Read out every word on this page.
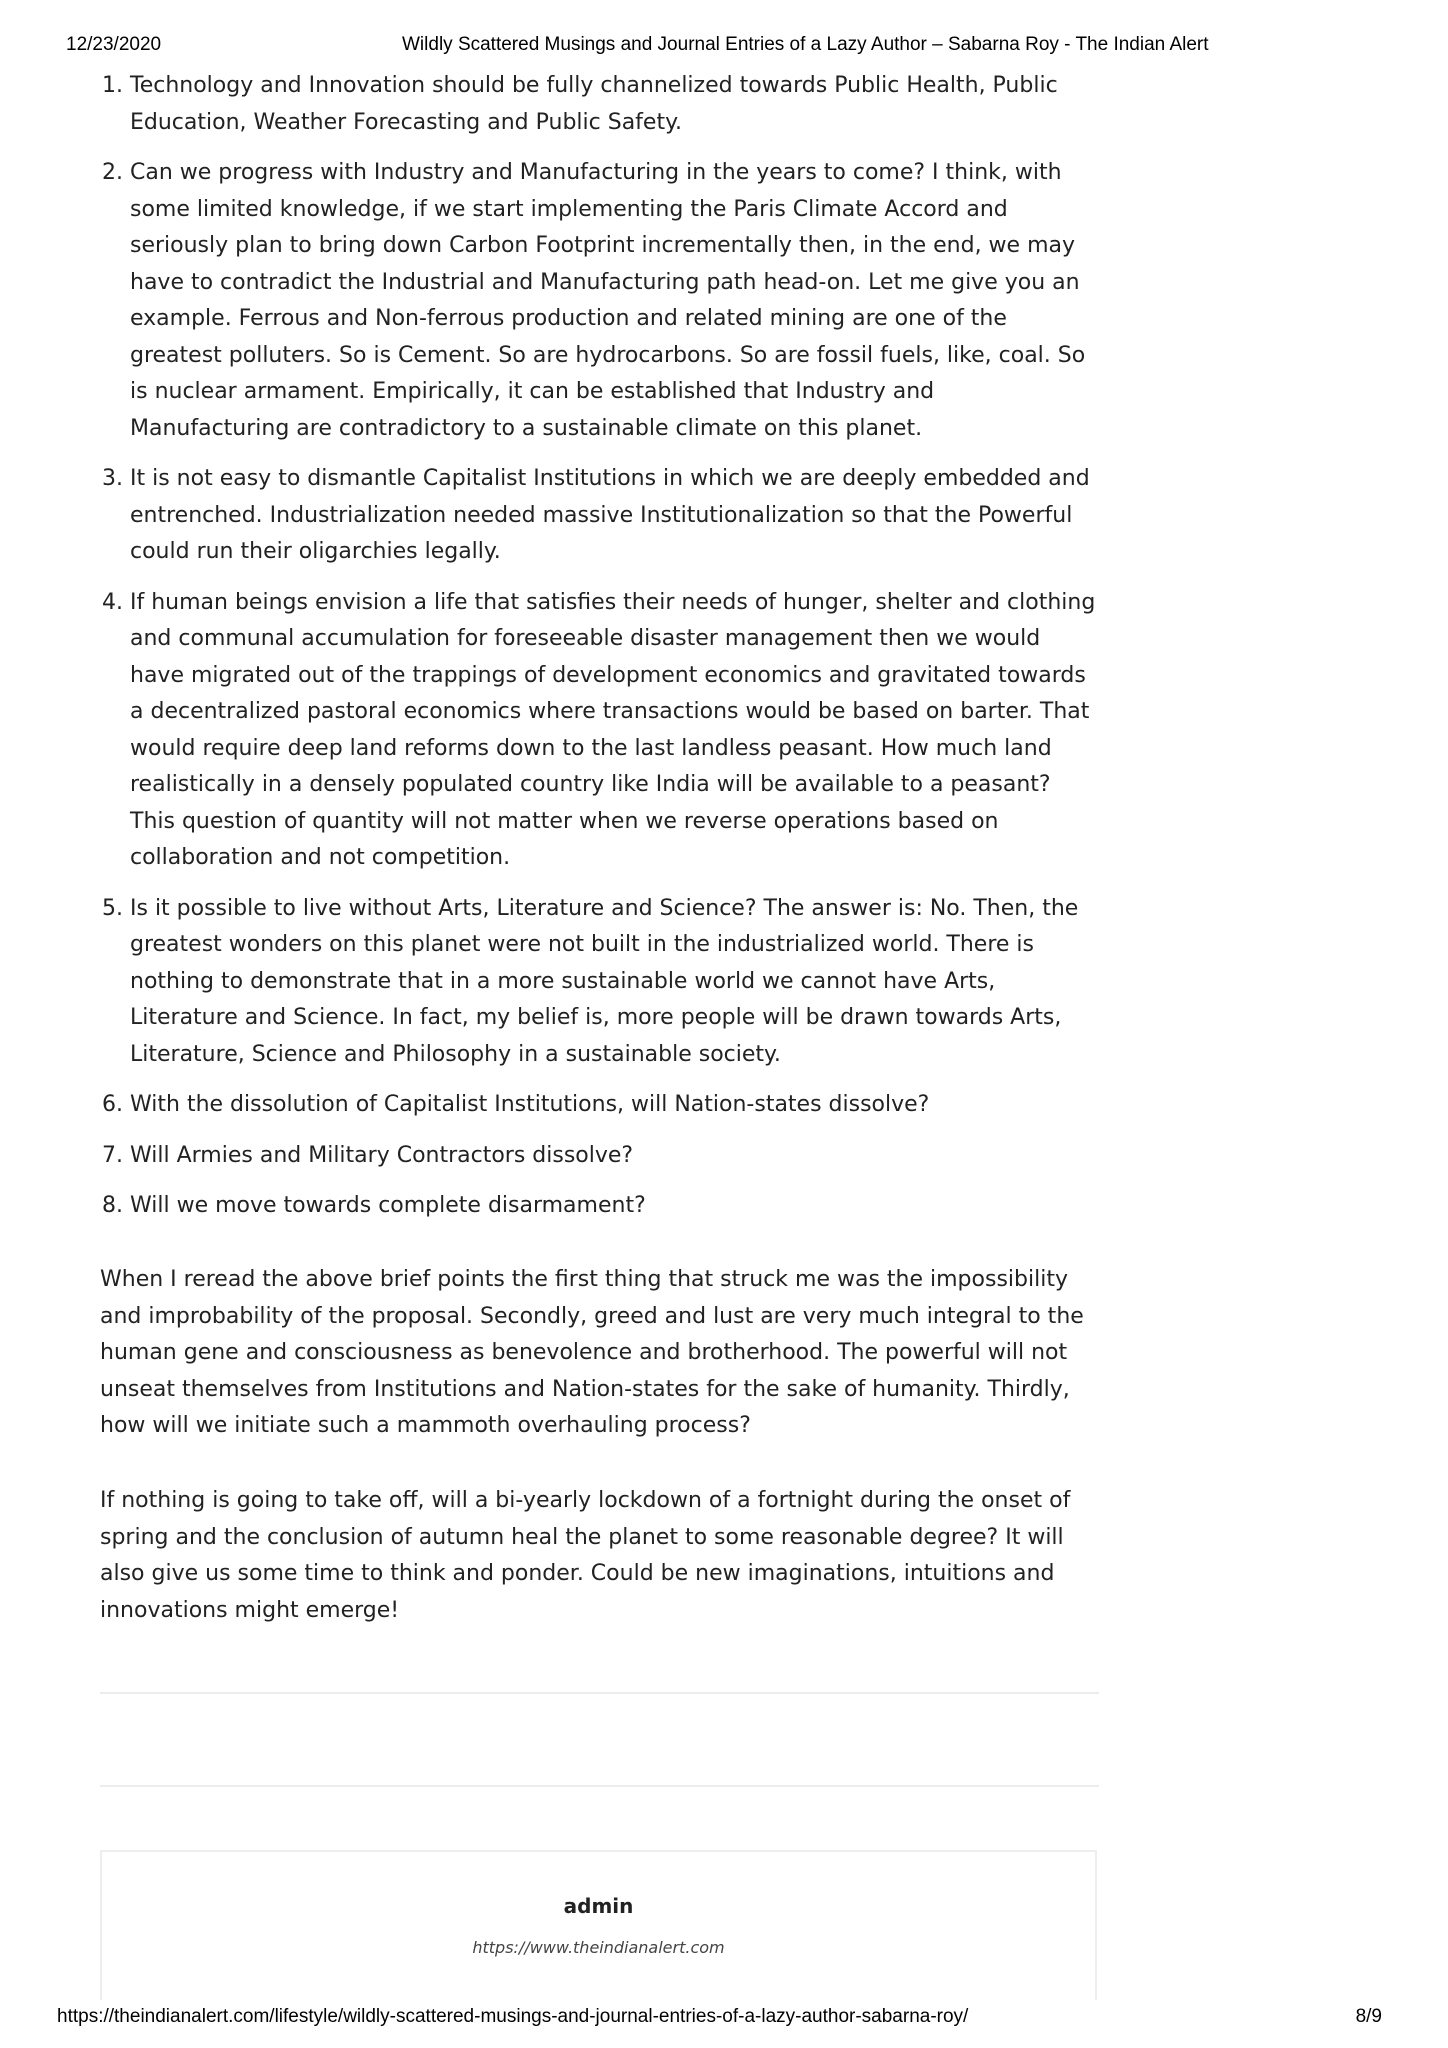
12/23/2020	Wildly Scattered Musings and Journal Entries of a Lazy Author – Sabarna Roy - The Indian Alert
1. Technology and Innovation should be fully channelized towards Public Health, Public Education, Weather Forecasting and Public Safety.
2. Can we progress with Industry and Manufacturing in the years to come? I think, with some limited knowledge, if we start implementing the Paris Climate Accord and seriously plan to bring down Carbon Footprint incrementally then, in the end, we may have to contradict the Industrial and Manufacturing path head-on. Let me give you an example. Ferrous and Non-ferrous production and related mining are one of the greatest polluters. So is Cement. So are hydrocarbons. So are fossil fuels, like, coal. So is nuclear armament. Empirically, it can be established that Industry and Manufacturing are contradictory to a sustainable climate on this planet.
3. It is not easy to dismantle Capitalist Institutions in which we are deeply embedded and entrenched. Industrialization needed massive Institutionalization so that the Powerful could run their oligarchies legally.
4. If human beings envision a life that satisfies their needs of hunger, shelter and clothing and communal accumulation for foreseeable disaster management then we would have migrated out of the trappings of development economics and gravitated towards a decentralized pastoral economics where transactions would be based on barter. That would require deep land reforms down to the last landless peasant. How much land realistically in a densely populated country like India will be available to a peasant? This question of quantity will not matter when we reverse operations based on collaboration and not competition.
5. Is it possible to live without Arts, Literature and Science? The answer is: No. Then, the greatest wonders on this planet were not built in the industrialized world. There is nothing to demonstrate that in a more sustainable world we cannot have Arts, Literature and Science. In fact, my belief is, more people will be drawn towards Arts, Literature, Science and Philosophy in a sustainable society.
6. With the dissolution of Capitalist Institutions, will Nation-states dissolve?
7. Will Armies and Military Contractors dissolve?
8. Will we move towards complete disarmament?

When I reread the above brief points the first thing that struck me was the impossibility and improbability of the proposal. Secondly, greed and lust are very much integral to the human gene and consciousness as benevolence and brotherhood. The powerful will not unseat themselves from Institutions and Nation-states for the sake of humanity. Thirdly, how will we initiate such a mammoth overhauling process?

If nothing is going to take off, will a bi-yearly lockdown of a fortnight during the onset of spring and the conclusion of autumn heal the planet to some reasonable degree? It will also give us some time to think and ponder. Could be new imaginations, intuitions and innovations might emerge!

admin
https://www.theindianalert.com
https://theindianalert.com/lifestyle/wildly-scattered-musings-and-journal-entries-of-a-lazy-author-sabarna-roy/	8/9
